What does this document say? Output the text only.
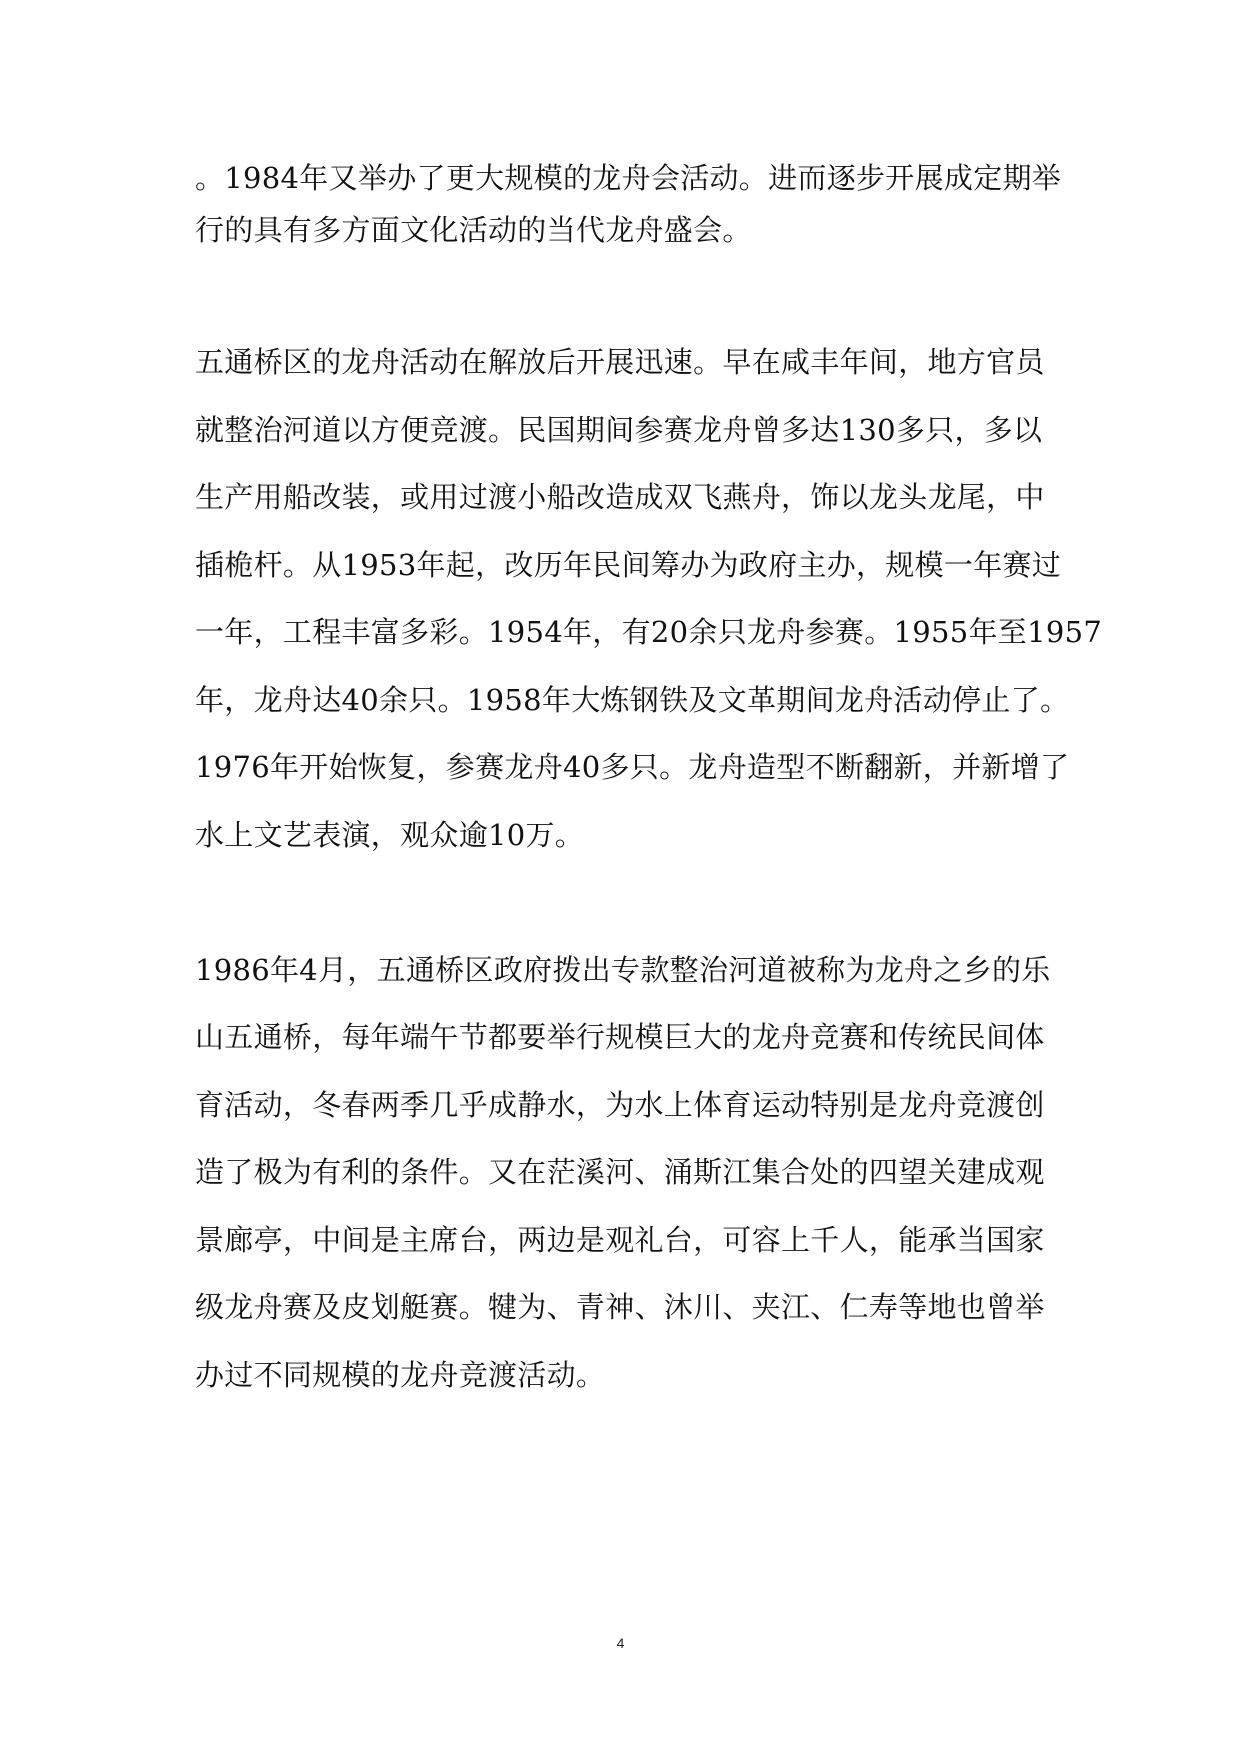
。1984年又举办了更大规模的龙舟会活动。进而逐步开展成定期举
行的具有多方面文化活动的当代龙舟盛会。
五通桥区的龙舟活动在解放后开展迅速。早在咸丰年间，地方官员
就整治河道以方便竞渡。民国期间参赛龙舟曾多达130多只，多以
生产用船改装，或用过渡小船改造成双飞燕舟，饰以龙头龙尾，中
插桅杆。从1953年起，改历年民间筹办为政府主办，规模一年赛过
一年，工程丰富多彩。1954年，有20余只龙舟参赛。1955年至1957
年，龙舟达40余只。1958年大炼钢铁及文革期间龙舟活动停止了。
1976年开始恢复，参赛龙舟40多只。龙舟造型不断翻新，并新增了
水上文艺表演，观众逾10万。
1986年4月，五通桥区政府拨出专款整治河道被称为龙舟之乡的乐
山五通桥，每年端午节都要举行规模巨大的龙舟竞赛和传统民间体
育活动，冬春两季几乎成静水，为水上体育运动特别是龙舟竞渡创
造了极为有利的条件。又在茫溪河、涌斯江集合处的四望关建成观
景廊亭，中间是主席台，两边是观礼台，可容上千人，能承当国家
级龙舟赛及皮划艇赛。犍为、青神、沐川、夹江、仁寿等地也曾举
办过不同规模的龙舟竞渡活动。
4
